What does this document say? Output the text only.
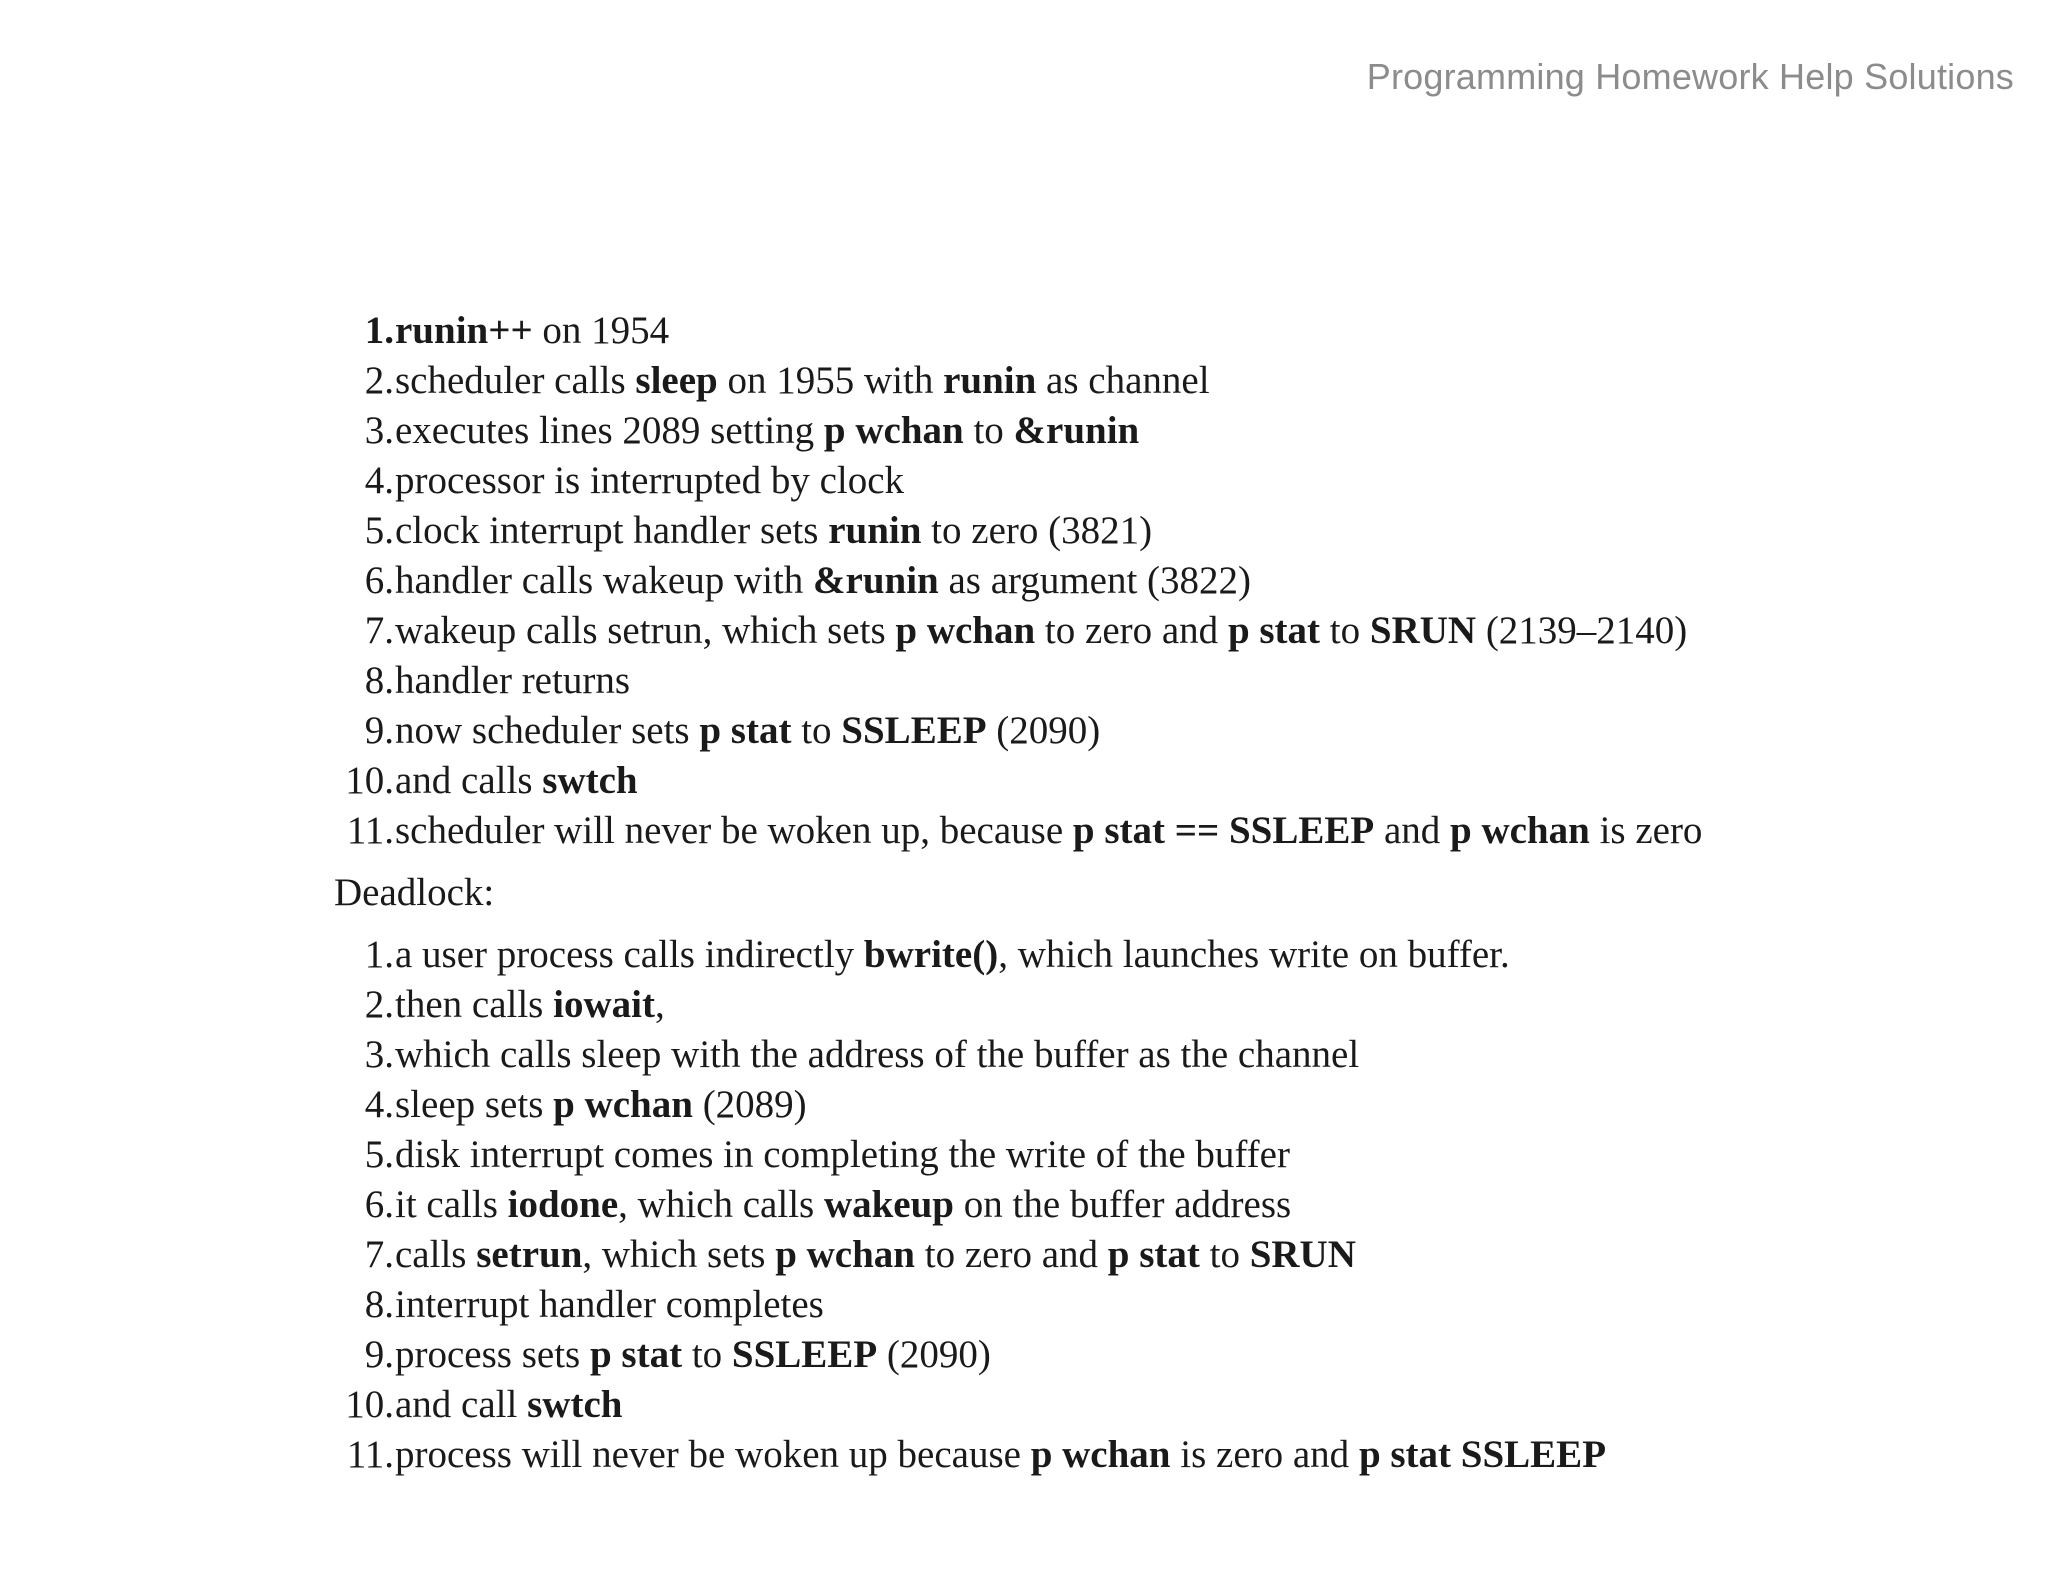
Programming Homework Help Solutions
1. runin++ on 1954
2. scheduler calls sleep on 1955 with runin as channel
3. executes lines 2089 setting p wchan to &runin
4. processor is interrupted by clock
5. clock interrupt handler sets runin to zero (3821)
6. handler calls wakeup with &runin as argument (3822)
7. wakeup calls setrun, which sets p wchan to zero and p stat to SRUN (2139–2140)
8. handler returns
9. now scheduler sets p stat to SSLEEP (2090)
10. and calls swtch
11. scheduler will never be woken up, because p stat == SSLEEP and p wchan is zero
Deadlock:
1. a user process calls indirectly bwrite(), which launches write on buffer.
2. then calls iowait,
3. which calls sleep with the address of the buffer as the channel
4. sleep sets p wchan (2089)
5. disk interrupt comes in completing the write of the buffer
6. it calls iodone, which calls wakeup on the buffer address
7. calls setrun, which sets p wchan to zero and p stat to SRUN
8. interrupt handler completes
9. process sets p stat to SSLEEP (2090)
10. and call swtch
11. process will never be woken up because p wchan is zero and p stat SSLEEP
